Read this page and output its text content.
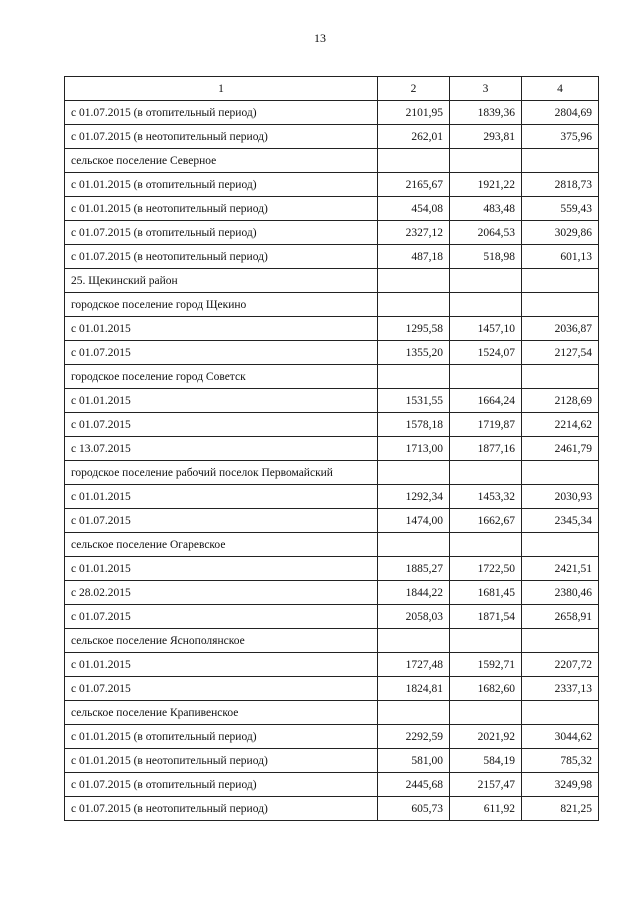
13
1	2	3	4
с 01.07.2015 (в отопительный период)	2101,95	1839,36	2804,69
с 01.07.2015 (в неотопительный период)	262,01	293,81	375,96
сельское поселение Северное			
с 01.01.2015 (в отопительный период)	2165,67	1921,22	2818,73
с 01.01.2015 (в неотопительный период)	454,08	483,48	559,43
с 01.07.2015 (в отопительный период)	2327,12	2064,53	3029,86
с 01.07.2015 (в неотопительный период)	487,18	518,98	601,13
25. Щекинский район			
городское поселение город Щекино			
с 01.01.2015	1295,58	1457,10	2036,87
с 01.07.2015	1355,20	1524,07	2127,54
городское поселение город Советск			
с 01.01.2015	1531,55	1664,24	2128,69
с 01.07.2015	1578,18	1719,87	2214,62
с 13.07.2015	1713,00	1877,16	2461,79
городское поселение рабочий поселок Первомайский			
с 01.01.2015	1292,34	1453,32	2030,93
с 01.07.2015	1474,00	1662,67	2345,34
сельское поселение Огаревское			
с 01.01.2015	1885,27	1722,50	2421,51
с 28.02.2015	1844,22	1681,45	2380,46
с 01.07.2015	2058,03	1871,54	2658,91
сельское поселение Яснополянское			
с 01.01.2015	1727,48	1592,71	2207,72
с 01.07.2015	1824,81	1682,60	2337,13
сельское поселение Крапивенское			
с 01.01.2015 (в отопительный период)	2292,59	2021,92	3044,62
с 01.01.2015 (в неотопительный период)	581,00	584,19	785,32
с 01.07.2015 (в отопительный период)	2445,68	2157,47	3249,98
с 01.07.2015 (в неотопительный период)	605,73	611,92	821,25
